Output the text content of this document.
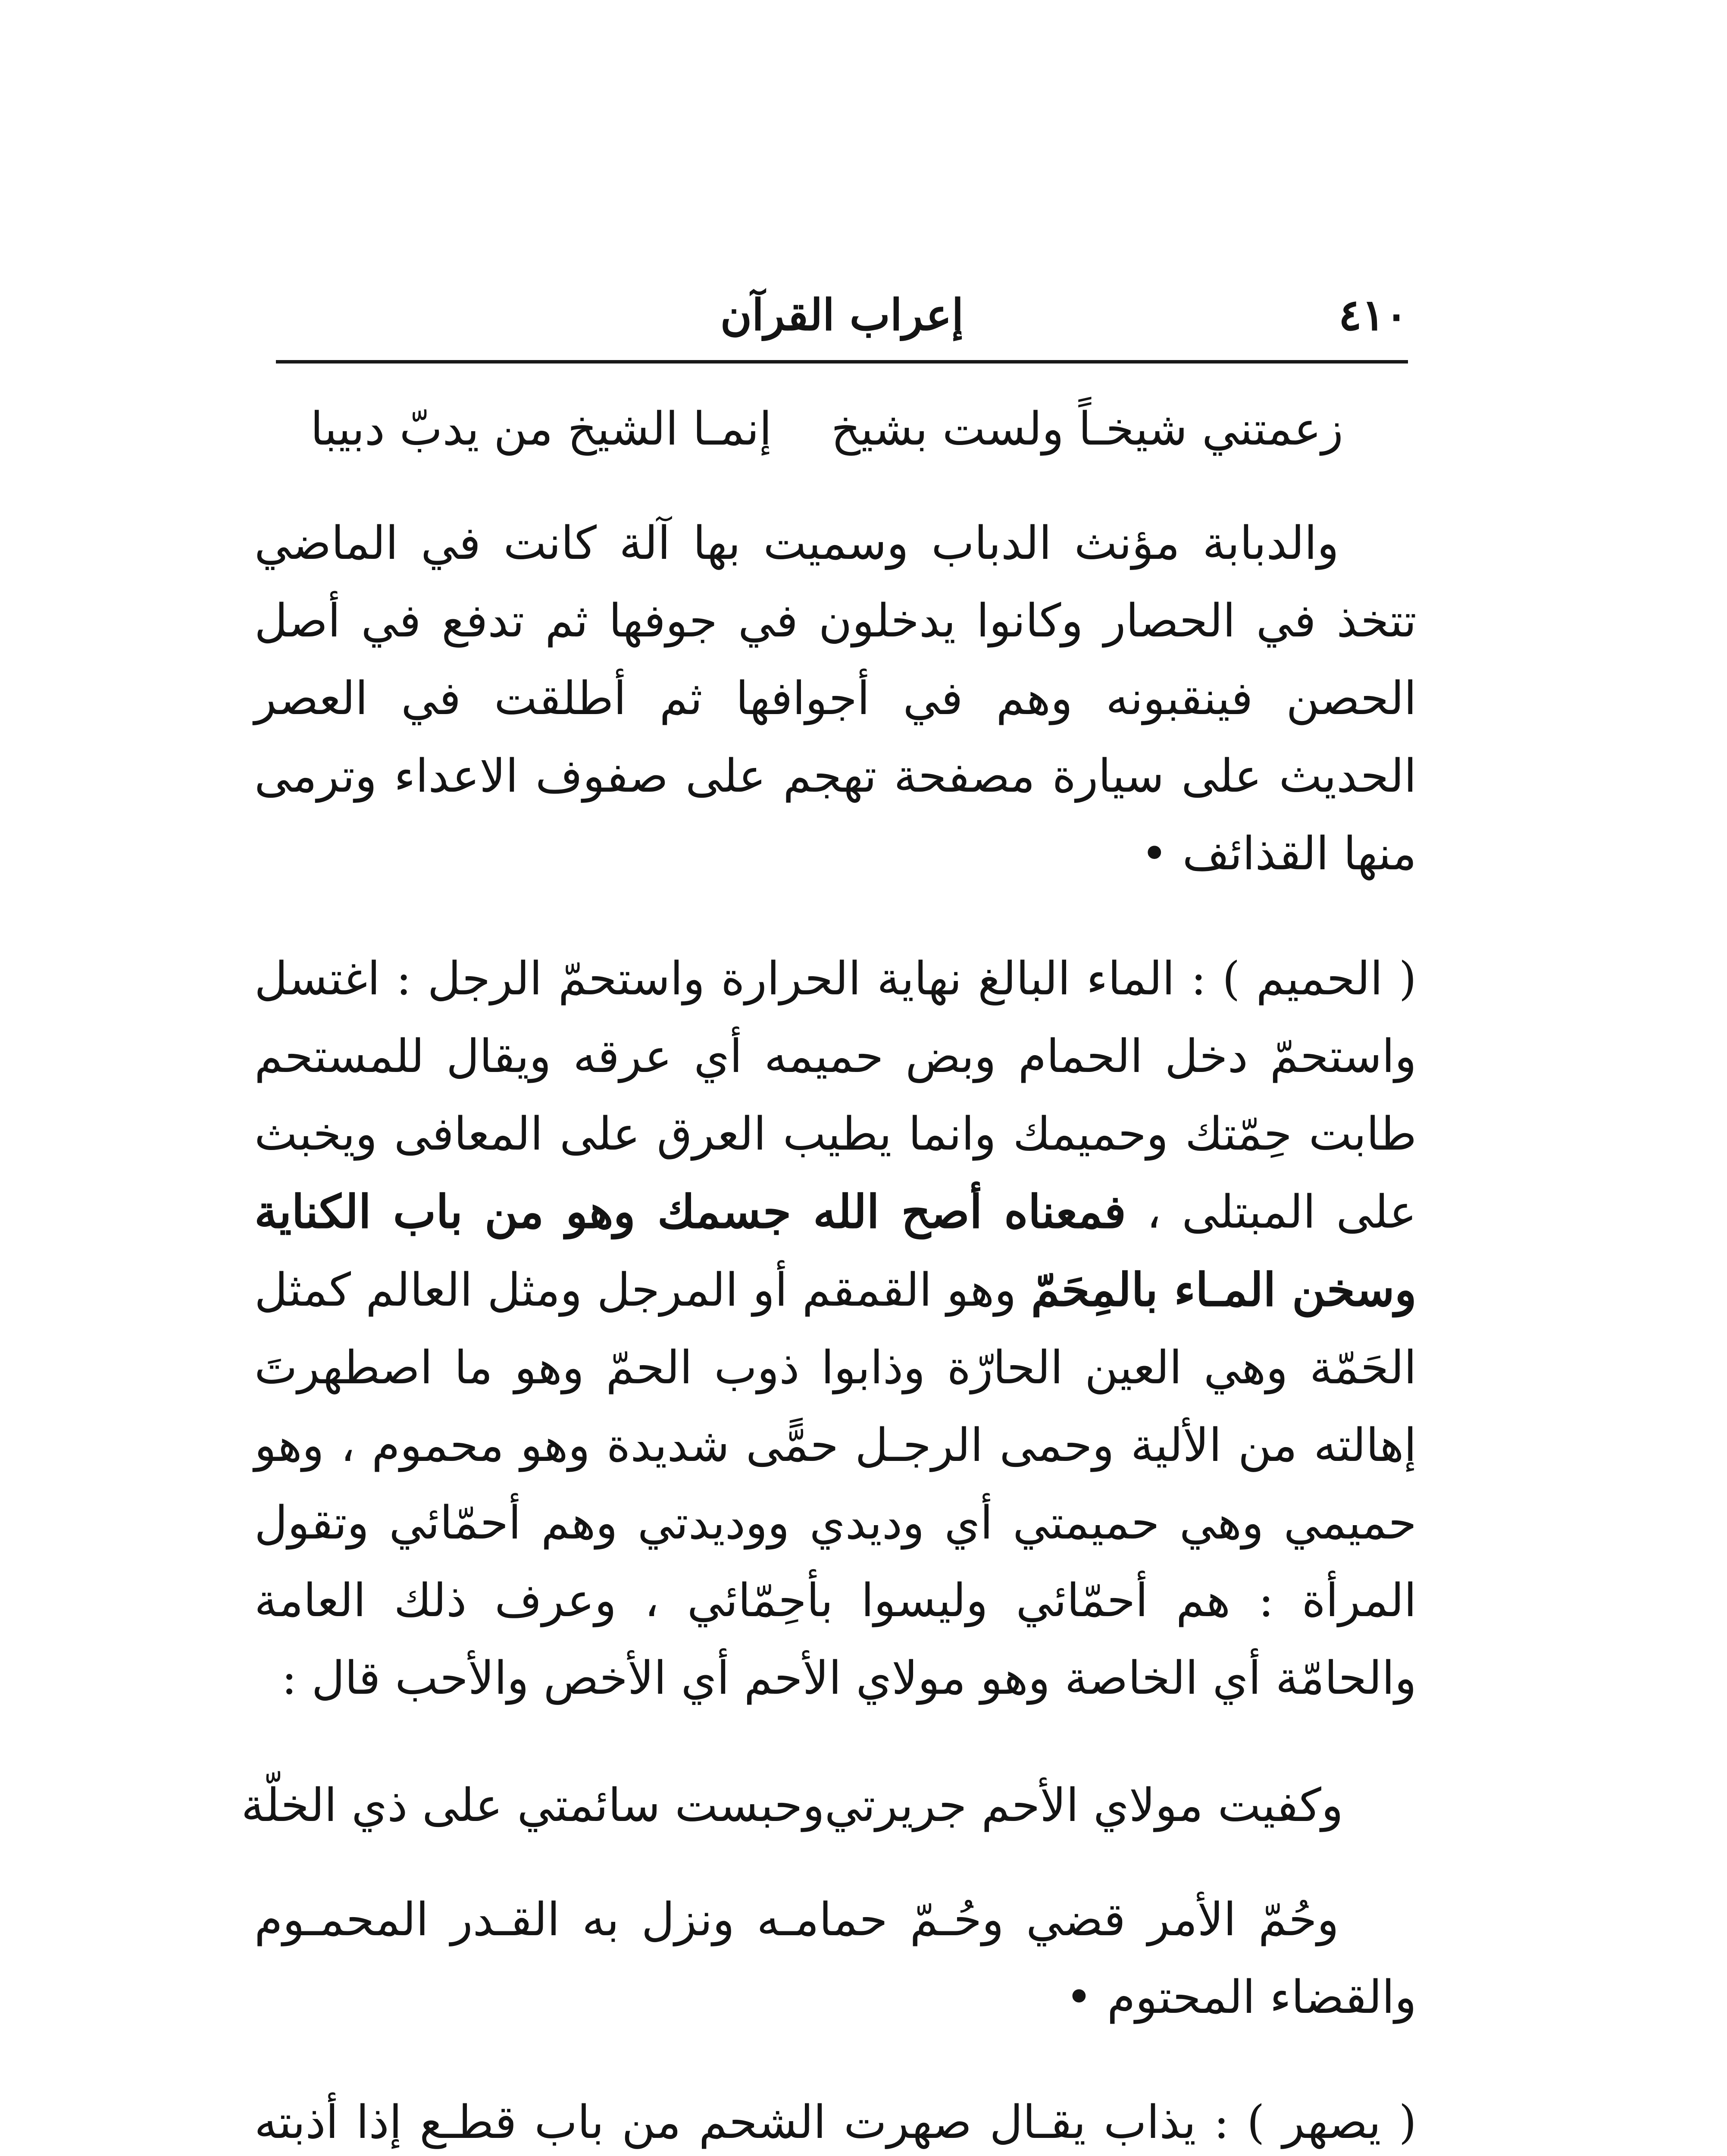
٤١٠
إعراب القرآن
زعمتني شيخـاً ولست بشيخ
إنمـا الشيخ من يدبّ دبيبا

والدبابة مؤنث الدباب وسميت بها آلة كانت في الماضي تتخذ في الحصار وكانوا يدخلون في جوفها ثم تدفع في أصل الحصن فينقبونه وهم في أجوافها ثم أطلقت في العصر الحديث على سيارة مصفحة تهجم على صفوف الاعداء وترمى منها القذائف •

( الحميم ) : الماء البالغ نهاية الحرارة واستحمّ الرجل : اغتسل واستحمّ دخل الحمام وبض حميمه أي عرقه ويقال للمستحم طابت حِمّتك وحميمك وانما يطيب العرق على المعافى ويخبث على المبتلى ، فمعناه أصح الله جسمك وهو من باب الكناية وسخن المـاء بالمِحَمّ وهو القمقم أو المرجل ومثل العالم كمثل الحَمّة وهي العين الحارّة وذابوا ذوب الحمّ وهو ما اصطهرتَ إهالته من الألية وحمى الرجـل حمًّى شديدة وهو محموم ، وهو حميمي وهي حميمتي أي وديدي ووديدتي وهم أحمّائي وتقول المرأة : هم أحمّائي وليسوا بأحِمّائي ، وعرف ذلك العامة والحامّة أي الخاصة وهو مولاي الأحم أي الأخص والأحب قال :

وكفيت مولاي الأحم جريرتي
وحبست سائمتي على ذي الخلّة

وحُمّ الأمر قضي وحُـمّ حمامـه ونزل به القـدر المحمـوم والقضاء المحتوم •

( يصهر ) : يذاب يقـال صهرت الشحم من باب قطـع إذا أذبته
